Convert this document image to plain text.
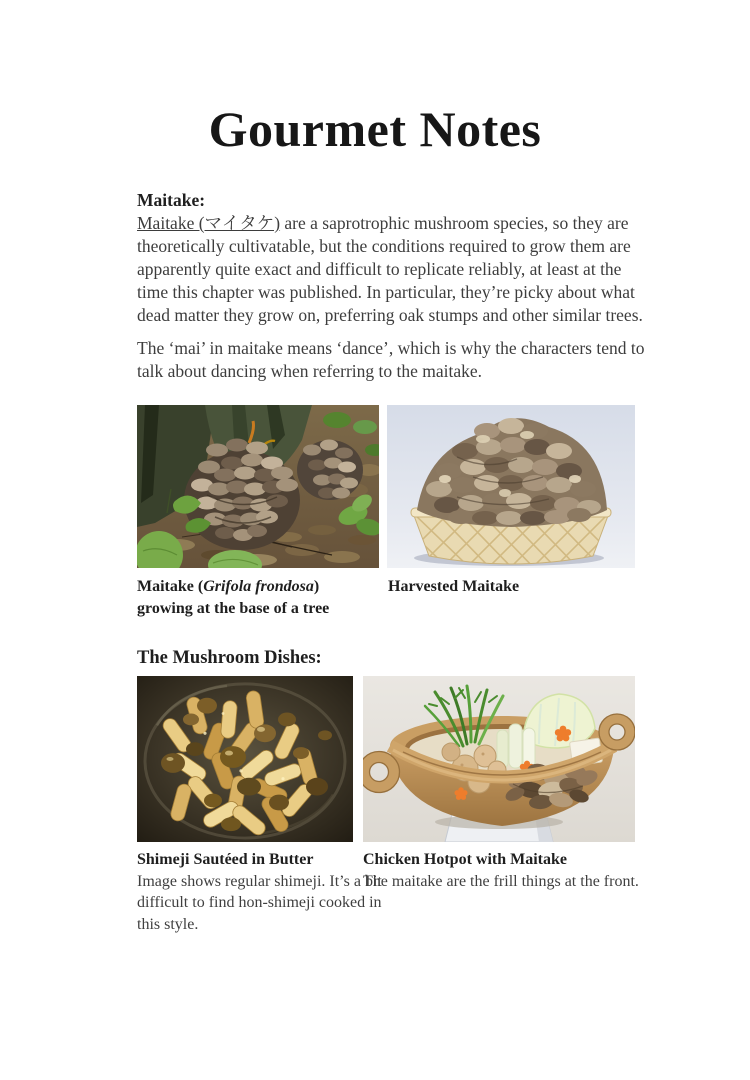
Gourmet Notes
Maitake:
Maitake (マイタケ) are a saprotrophic mushroom species, so they are
theoretically cultivatable, but the conditions required to grow them are
apparently quite exact and difficult to replicate reliably, at least at the
time this chapter was published. In particular, they’re picky about what
dead matter they grow on, preferring oak stumps and other similar trees.
The ‘mai’ in maitake means ‘dance’, which is why the characters tend to
talk about dancing when referring to the maitake.
Maitake (Grifola frondosa)
growing at the base of a tree
Harvested Maitake
The Mushroom Dishes:
Shimeji Sautéed in Butter
Image shows regular shimeji. It’s a bit
difficult to find hon-shimeji cooked in
this style.
Chicken Hotpot with Maitake
The maitake are the frill things at the front.
